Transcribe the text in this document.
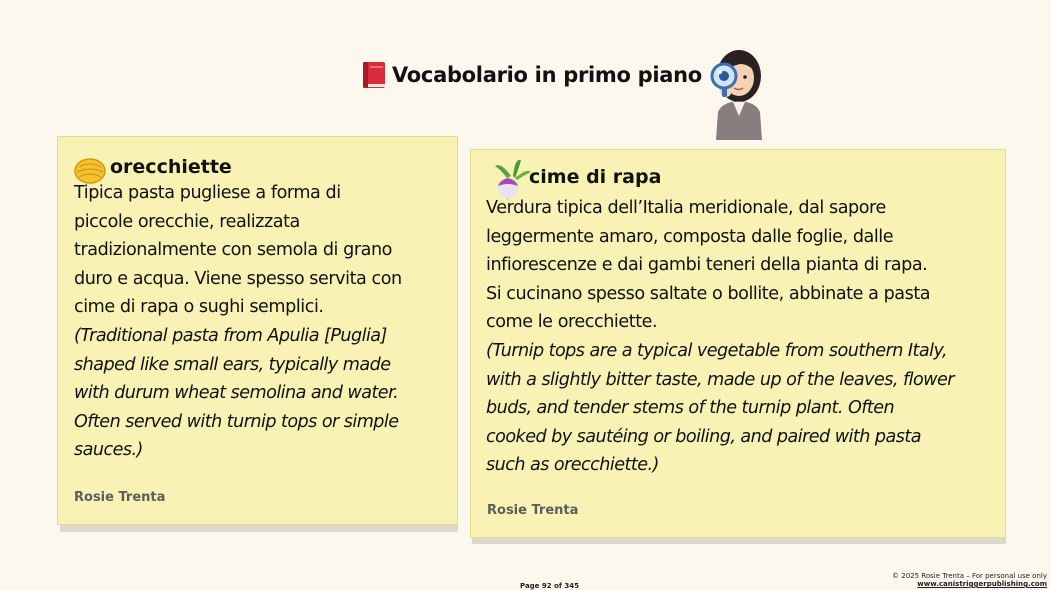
Vocabolario in primo piano
orecchiette
Tipica pasta pugliese a forma di
piccole orecchie, realizzata
tradizionalmente con semola di grano
duro e acqua. Viene spesso servita con
cime di rapa o sughi semplici.
(Traditional pasta from Apulia [Puglia]
shaped like small ears, typically made
with durum wheat semolina and water.
Often served with turnip tops or simple
sauces.)
Rosie Trenta
cime di rapa
Verdura tipica dell’Italia meridionale, dal sapore
leggermente amaro, composta dalle foglie, dalle
infiorescenze e dai gambi teneri della pianta di rapa.
Si cucinano spesso saltate o bollite, abbinate a pasta
come le orecchiette.
(Turnip tops are a typical vegetable from southern Italy,
with a slightly bitter taste, made up of the leaves, flower
buds, and tender stems of the turnip plant. Often
cooked by sautéing or boiling, and paired with pasta
such as orecchiette.)
Rosie Trenta
Page 92 of 345
© 2025 Rosie Trenta – For personal use only
www.canistriggerpublishing.com
